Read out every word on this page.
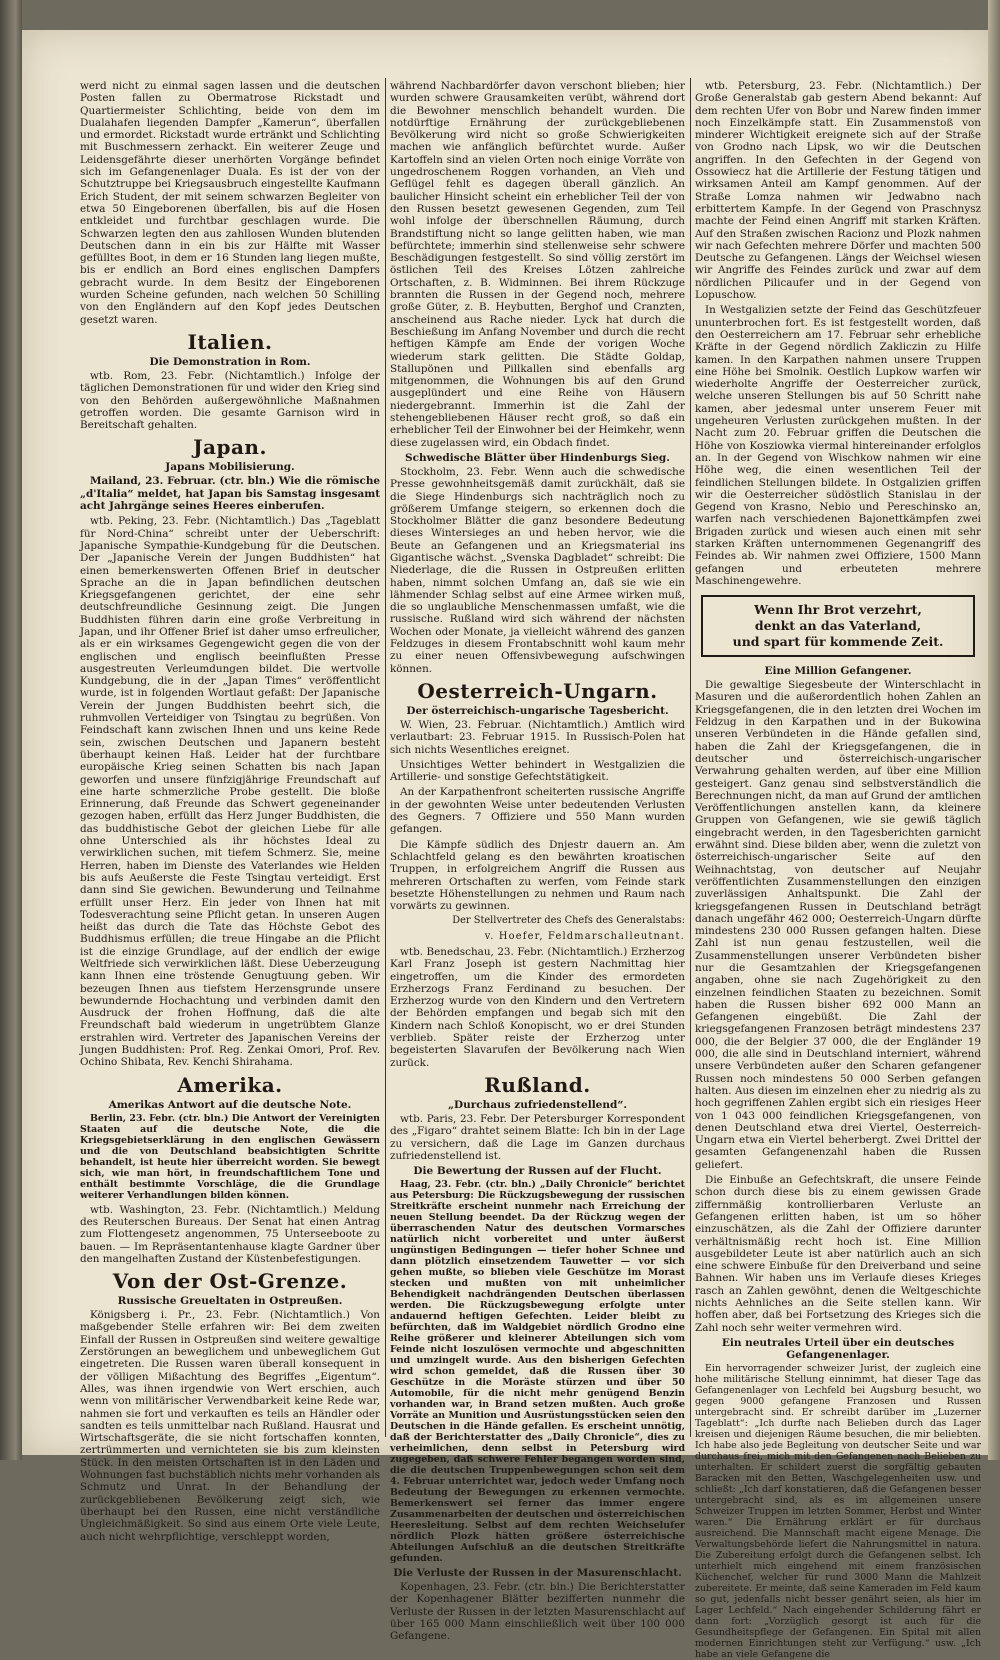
werd nicht zu einmal sagen lassen und die deutschen Posten fallen zu Obermatrose Rickstadt und Quartiermeister Schlichting, beide von dem im Dualahafen liegenden Dampfer „Kamerun“, überfallen und ermordet. Rickstadt wurde ertränkt und Schlichting mit Buschmessern zerhackt. Ein weiterer Zeuge und Leidensgefährte dieser unerhörten Vorgänge befindet sich im Gefangenenlager Duala. Es ist der von der Schutztruppe bei Kriegsausbruch eingestellte Kaufmann Erich Student, der mit seinem schwarzen Begleiter von etwa 50 Eingeborenen überfallen, bis auf die Hosen entkleidet und furchtbar geschlagen wurde. Die Schwarzen legten den aus zahllosen Wunden blutenden Deutschen dann in ein bis zur Hälfte mit Wasser gefülltes Boot, in dem er 16 Stunden lang liegen mußte, bis er endlich an Bord eines englischen Dampfers gebracht wurde. In dem Besitz der Eingeborenen wurden Scheine gefunden, nach welchen 50 Schilling von den Engländern auf den Kopf jedes Deutschen gesetzt waren.

Italien.
Die Demonstration in Rom.

wtb. Rom, 23. Febr. (Nichtamtlich.) Infolge der täglichen Demonstrationen für und wider den Krieg sind von den Behörden außergewöhnliche Maßnahmen getroffen worden. Die gesamte Garnison wird in Bereitschaft gehalten.

Japan.
Japans Mobilisierung.

Mailand, 23. Februar. (ctr. bln.) Wie die römische „d'Italia“ meldet, hat Japan bis Samstag insgesamt acht Jahrgänge seines Heeres einberufen.

wtb. Peking, 23. Febr. (Nichtamtlich.) Das „Tageblatt für Nord-China“ schreibt unter der Ueberschrift: Japanische Sympathie-Kundgebung für die Deutschen. Der „Japanische Verein der Jungen Buddhisten“ hat einen bemerkenswerten Offenen Brief in deutscher Sprache an die in Japan befindlichen deutschen Kriegsgefangenen gerichtet, der eine sehr deutschfreundliche Gesinnung zeigt. Die Jungen Buddhisten führen darin eine große Verbreitung in Japan, und ihr Offener Brief ist daher umso erfreulicher, als er ein wirksames Gegengewicht gegen die von der englischen und englisch beeinflußten Presse ausgestreuten Verleumdungen bildet. Die wertvolle Kundgebung, die in der „Japan Times“ veröffentlicht wurde, ist in folgenden Wortlaut gefaßt: Der Japanische Verein der Jungen Buddhisten beehrt sich, die ruhmvollen Verteidiger von Tsingtau zu begrüßen. Von Feindschaft kann zwischen Ihnen und uns keine Rede sein, zwischen Deutschen und Japanern besteht überhaupt keinen Haß. Leider hat der furchtbare europäische Krieg seinen Schatten bis nach Japan geworfen und unsere fünfzigjährige Freundschaft auf eine harte schmerzliche Probe gestellt. Die bloße Erinnerung, daß Freunde das Schwert gegeneinander gezogen haben, erfüllt das Herz Junger Buddhisten, die das buddhistische Gebot der gleichen Liebe für alle ohne Unterschied als ihr höchstes Ideal zu verwirklichen suchen, mit tiefem Schmerz. Sie, meine Herren, haben im Dienste des Vaterlandes wie Helden bis aufs Aeußerste die Feste Tsingtau verteidigt. Erst dann sind Sie gewichen. Bewunderung und Teilnahme erfüllt unser Herz. Ein jeder von Ihnen hat mit Todesverachtung seine Pflicht getan. In unseren Augen heißt das durch die Tate das Höchste Gebot des Buddhismus erfüllen; die treue Hingabe an die Pflicht ist die einzige Grundlage, auf der endlich der ewige Weltfriede sich verwirklichen läßt. Diese Ueberzeugung kann Ihnen eine tröstende Genugtuung geben. Wir bezeugen Ihnen aus tiefstem Herzensgrunde unsere bewundernde Hochachtung und verbinden damit den Ausdruck der frohen Hoffnung, daß die alte Freundschaft bald wiederum in ungetrübtem Glanze erstrahlen wird. Vertreter des Japanischen Vereins der Jungen Buddhisten: Prof. Reg. Zenkai Omori, Prof. Rev. Ochino Shibata, Rev. Kenchi Shirahama.

Amerika.
Amerikas Antwort auf die deutsche Note.

Berlin, 23. Febr. (ctr. bln.) Die Antwort der Vereinigten Staaten auf die deutsche Note, die die Kriegsgebietserklärung in den englischen Gewässern und die von Deutschland beabsichtigten Schritte behandelt, ist heute hier überreicht worden. Sie bewegt sich, wie man hört, in freundschaftlichem Tone und enthält bestimmte Vorschläge, die die Grundlage weiterer Verhandlungen bilden können.

wtb. Washington, 23. Febr. (Nichtamtlich.) Meldung des Reuterschen Bureaus. Der Senat hat einen Antrag zum Flottengesetz angenommen, 75 Unterseeboote zu bauen. — Im Repräsentantenhause klagte Gardner über den mangelhaften Zustand der Küstenbefestigungen.

Von der Ost-Grenze.
Russische Greueltaten in Ostpreußen.

Königsberg i. Pr., 23. Febr. (Nichtamtlich.) Von maßgebender Stelle erfahren wir: Bei dem zweiten Einfall der Russen in Ostpreußen sind weitere gewaltige Zerstörungen an beweglichem und unbeweglichem Gut eingetreten. Die Russen waren überall konsequent in der völligen Mißachtung des Begriffes „Eigentum“. Alles, was ihnen irgendwie von Wert erschien, auch wenn von militärischer Verwendbarkeit keine Rede war, nahmen sie fort und verkauften es teils an Händler oder sandten es teils unmittelbar nach Rußland. Hausrat und Wirtschaftsgeräte, die sie nicht fortschaffen konnten, zertrümmerten und vernichteten sie bis zum kleinsten Stück. In den meisten Ortschaften ist in den Läden und Wohnungen fast buchstäblich nichts mehr vorhanden als Schmutz und Unrat. In der Behandlung der zurückgebliebenen Bevölkerung zeigt sich, wie überhaupt bei den Russen, eine nicht verständliche Ungleichmäßigkeit. So sind aus einem Orte viele Leute, auch nicht wehrpflichtige, verschleppt worden,

während Nachbardörfer davon verschont blieben; hier wurden schwere Grausamkeiten verübt, während dort die Bewohner menschlich behandelt wurden. Die notdürftige Ernährung der zurückgebliebenen Bevölkerung wird nicht so große Schwierigkeiten machen wie anfänglich befürchtet wurde. Außer Kartoffeln sind an vielen Orten noch einige Vorräte von ungedroschenem Roggen vorhanden, an Vieh und Geflügel fehlt es dagegen überall gänzlich. An baulicher Hinsicht scheint ein erheblicher Teil der von den Russen besetzt gewesenen Gegenden, zum Teil wohl infolge der überschnellen Räumung, durch Brandstiftung nicht so lange gelitten haben, wie man befürchtete; immerhin sind stellenweise sehr schwere Beschädigungen festgestellt. So sind völlig zerstört im östlichen Teil des Kreises Lötzen zahlreiche Ortschaften, z. B. Widminnen. Bei ihrem Rückzuge brannten die Russen in der Gegend noch, mehrere große Güter, z. B. Heybutten, Berghof und Cranzten, anscheinend aus Rache nieder. Lyck hat durch die Beschießung im Anfang November und durch die recht heftigen Kämpfe am Ende der vorigen Woche wiederum stark gelitten. Die Städte Goldap, Stallupönen und Pillkallen sind ebenfalls arg mitgenommen, die Wohnungen bis auf den Grund ausgeplündert und eine Reihe von Häusern niedergebrannt. Immerhin ist die Zahl der stehengebliebenen Häuser recht groß, so daß ein erheblicher Teil der Einwohner bei der Heimkehr, wenn diese zugelassen wird, ein Obdach findet.

Schwedische Blätter über Hindenburgs Sieg.

Stockholm, 23. Febr. Wenn auch die schwedische Presse gewohnheitsgemäß damit zurückhält, daß sie die Siege Hindenburgs sich nachträglich noch zu größerem Umfange steigern, so erkennen doch die Stockholmer Blätter die ganz besondere Bedeutung dieses Wintersieges an und heben hervor, wie die Beute an Gefangenen und an Kriegsmaterial ins Gigantische wächst. „Svenska Dagbladet“ schreibt: Die Niederlage, die die Russen in Ostpreußen erlitten haben, nimmt solchen Umfang an, daß sie wie ein lähmender Schlag selbst auf eine Armee wirken muß, die so unglaubliche Menschenmassen umfaßt, wie die russische. Rußland wird sich während der nächsten Wochen oder Monate, ja vielleicht während des ganzen Feldzuges in diesem Frontabschnitt wohl kaum mehr zu einer neuen Offensivbewegung aufschwingen können.

Oesterreich-Ungarn.
Der österreichisch-ungarische Tagesbericht.

W. Wien, 23. Februar. (Nichtamtlich.) Amtlich wird verlautbart: 23. Februar 1915. In Russisch-Polen hat sich nichts Wesentliches ereignet.

Unsichtiges Wetter behindert in Westgalizien die Artillerie- und sonstige Gefechtstätigkeit.

An der Karpathenfront scheiterten russische Angriffe in der gewohnten Weise unter bedeutenden Verlusten des Gegners. 7 Offiziere und 550 Mann wurden gefangen.

Die Kämpfe südlich des Dnjestr dauern an. Am Schlachtfeld gelang es den bewährten kroatischen Truppen, in erfolgreichem Angriff die Russen aus mehreren Ortschaften zu werfen, vom Feinde stark besetzte Höhenstellungen zu nehmen und Raum nach vorwärts zu gewinnen.

Der Stellvertreter des Chefs des Generalstabs:

v. Hoefer, Feldmarschalleutnant.

wtb. Benedschau, 23. Febr. (Nichtamtlich.) Erzherzog Karl Franz Joseph ist gestern Nachmittag hier eingetroffen, um die Kinder des ermordeten Erzherzogs Franz Ferdinand zu besuchen. Der Erzherzog wurde von den Kindern und den Vertretern der Behörden empfangen und begab sich mit den Kindern nach Schloß Konopischt, wo er drei Stunden verblieb. Später reiste der Erzherzog unter begeisterten Slavarufen der Bevölkerung nach Wien zurück.

Rußland.
„Durchaus zufriedenstellend“.

wtb. Paris, 23. Febr. Der Petersburger Korrespondent des „Figaro“ drahtet seinem Blatte: Ich bin in der Lage zu versichern, daß die Lage im Ganzen durchaus zufriedenstellend ist.

Die Bewertung der Russen auf der Flucht.

Haag, 23. Febr. (ctr. bln.) „Daily Chronicle“ berichtet aus Petersburg: Die Rückzugsbewegung der russischen Streitkräfte erscheint nunmehr nach Erreichung der neuen Stellung beendet. Da der Rückzug wegen der überraschenden Natur des deutschen Vormarsches natürlich nicht vorbereitet und unter äußerst ungünstigen Bedingungen — tiefer hoher Schnee und dann plötzlich einsetzendem Tauwetter — vor sich gehen mußte, so blieben viele Geschütze im Morast stecken und mußten von mit unheimlicher Behendigkeit nachdrängenden Deutschen überlassen werden. Die Rückzugsbewegung erfolgte unter andauernd heftigen Gefechten. Leider bleibt zu befürchten, daß im Waldgebiet nördlich Grodno eine Reihe größerer und kleinerer Abteilungen sich vom Feinde nicht loszulösen vermochte und abgeschnitten und umzingelt wurde. Aus den bisherigen Gefechten wird schon gemeldet, daß die Russen über 30 Geschütze in die Moräste stürzen und über 50 Automobile, für die nicht mehr genügend Benzin vorhanden war, in Brand setzen mußten. Auch große Vorräte an Munition und Ausrüstungsstücken seien den Deutschen in die Hände gefallen. Es erscheint unnötig, daß der Berichterstatter des „Daily Chronicle“, dies zu verheimlichen, denn selbst in Petersburg wird zugegeben, daß schwere Fehler begangen worden sind, die die deutschen Truppenbewegungen schon seit dem 4. Februar unterrichtet war, jedoch weder Umfang noch Bedeutung der Bewegungen zu erkennen vermochte. Bemerkenswert sei ferner das immer engere Zusammenarbeiten der deutschen und österreichischen Heeresleitung. Selbst auf dem rechten Weichselufer nördlich Plozk hätten größere österreichische Abteilungen Aufschluß an die deutschen Streitkräfte gefunden.

Die Verluste der Russen in der Masurenschlacht.

Kopenhagen, 23. Febr. (ctr. bln.) Die Berichterstatter der Kopenhagener Blätter bezifferten nunmehr die Verluste der Russen in der letzten Masurenschlacht auf über 165 000 Mann einschließlich weit über 100 000 Gefangene.

wtb. Petersburg, 23. Febr. (Nichtamtlich.) Der Große Generalstab gab gestern Abend bekannt: Auf dem rechten Ufer von Bobr und Narew finden immer noch Einzelkämpfe statt. Ein Zusammenstoß von minderer Wichtigkeit ereignete sich auf der Straße von Grodno nach Lipsk, wo wir die Deutschen angriffen. In den Gefechten in der Gegend von Ossowiecz hat die Artillerie der Festung tätigen und wirksamen Anteil am Kampf genommen. Auf der Straße Lomza nahmen wir Jedwabno nach erbittertem Kampfe. In der Gegend von Praschnysz machte der Feind einen Angriff mit starken Kräften. Auf den Straßen zwischen Racionz und Plozk nahmen wir nach Gefechten mehrere Dörfer und machten 500 Deutsche zu Gefangenen. Längs der Weichsel wiesen wir Angriffe des Feindes zurück und zwar auf dem nördlichen Pilicaufer und in der Gegend von Lopuschow.

In Westgalizien setzte der Feind das Geschützfeuer ununterbrochen fort. Es ist festgestellt worden, daß den Oesterreichern am 17. Februar sehr erhebliche Kräfte in der Gegend nördlich Zakliczin zu Hilfe kamen. In den Karpathen nahmen unsere Truppen eine Höhe bei Smolnik. Oestlich Lupkow warfen wir wiederholte Angriffe der Oesterreicher zurück, welche unseren Stellungen bis auf 50 Schritt nahe kamen, aber jedesmal unter unserem Feuer mit ungeheuren Verlusten zurückgehen mußten. In der Nacht zum 20. Februar griffen die Deutschen die Höhe von Kosziowka viermal hintereinander erfolglos an. In der Gegend von Wischkow nahmen wir eine Höhe weg, die einen wesentlichen Teil der feindlichen Stellungen bildete. In Ostgalizien griffen wir die Oesterreicher südöstlich Stanislau in der Gegend von Krasno, Nebio und Pereschinsko an, warfen nach verschiedenen Bajonettkämpfen zwei Brigaden zurück und wiesen auch einen mit sehr starken Kräften unternommenen Gegenangriff des Feindes ab. Wir nahmen zwei Offiziere, 1500 Mann gefangen und erbeuteten mehrere Maschinengewehre.

Wenn Ihr Brot verzehrt,
denkt an das Vaterland,
und spart für kommende Zeit.
Eine Million Gefangener.

Die gewaltige Siegesbeute der Winterschlacht in Masuren und die außerordentlich hohen Zahlen an Kriegsgefangenen, die in den letzten drei Wochen im Feldzug in den Karpathen und in der Bukowina unseren Verbündeten in die Hände gefallen sind, haben die Zahl der Kriegsgefangenen, die in deutscher und österreichisch-ungarischer Verwahrung gehalten werden, auf über eine Million gesteigert. Ganz genau sind selbstverständlich die Berechnungen nicht, da man auf Grund der amtlichen Veröffentlichungen anstellen kann, da kleinere Gruppen von Gefangenen, wie sie gewiß täglich eingebracht werden, in den Tagesberichten garnicht erwähnt sind. Diese bilden aber, wenn die zuletzt von österreichisch-ungarischer Seite auf den Weihnachtstag, von deutscher auf Neujahr veröffentlichten Zusammenstellungen den einzigen zuverlässigen Anhaltspunkt. Die Zahl der kriegsgefangenen Russen in Deutschland beträgt danach ungefähr 462 000; Oesterreich-Ungarn dürfte mindestens 230 000 Russen gefangen halten. Diese Zahl ist nun genau festzustellen, weil die Zusammenstellungen unserer Verbündeten bisher nur die Gesamtzahlen der Kriegsgefangenen angaben, ohne sie nach Zugehörigkeit zu den einzelnen feindlichen Staaten zu bezeichnen. Somit haben die Russen bisher 692 000 Mann an Gefangenen eingebüßt. Die Zahl der kriegsgefangenen Franzosen beträgt mindestens 237 000, die der Belgier 37 000, die der Engländer 19 000, die alle sind in Deutschland interniert, während unsere Verbündeten außer den Scharen gefangener Russen noch mindestens 50 000 Serben gefangen halten. Aus diesen im einzelnen eher zu niedrig als zu hoch gegriffenen Zahlen ergibt sich ein riesiges Heer von 1 043 000 feindlichen Kriegsgefangenen, von denen Deutschland etwa drei Viertel, Oesterreich-Ungarn etwa ein Viertel beherbergt. Zwei Drittel der gesamten Gefangenenzahl haben die Russen geliefert.

Die Einbuße an Gefechtskraft, die unsere Feinde schon durch diese bis zu einem gewissen Grade ziffernmäßig kontrollierbaren Verluste an Gefangenen erlitten haben, ist um so höher einzuschätzen, als die Zahl der Offiziere darunter verhältnismäßig recht hoch ist. Eine Million ausgebildeter Leute ist aber natürlich auch an sich eine schwere Einbuße für den Dreiverband und seine Bahnen. Wir haben uns im Verlaufe dieses Krieges rasch an Zahlen gewöhnt, denen die Weltgeschichte nichts Aehnliches an die Seite stellen kann. Wir hoffen aber, daß bei Fortsetzung des Krieges sich die Zahl noch sehr weiter vermehren wird.

Ein neutrales Urteil über ein deutsches Gefangenenlager.

Ein hervorragender schweizer Jurist, der zugleich eine hohe militärische Stellung einnimmt, hat dieser Tage das Gefangenenlager von Lechfeld bei Augsburg besucht, wo gegen 9000 gefangene Franzosen und Russen untergebracht sind. Er schreibt darüber im „Luzerner Tageblatt“: „Ich durfte nach Belieben durch das Lager kreisen und diejenigen Räume besuchen, die mir beliebten. Ich habe also jede Begleitung von deutscher Seite und war durchaus frei, mich mit den Gefangenen nach Belieben zu unterhalten. Er schildert zuerst die sorgfältig gebauten Baracken mit den Betten, Waschgelegenheiten usw. und schließt: „Ich darf konstatieren, daß die Gefangenen besser untergebracht sind, als es im allgemeinen unsere Schweizer Truppen im letzten Sommer, Herbst und Winter waren.“ Die Ernährung erklärt er für durchaus ausreichend. Die Mannschaft macht eigene Menage. Die Verwaltungsbehörde liefert die Nahrungsmittel in natura. Die Zubereitung erfolgt durch die Gefangenen selbst. Ich unterhielt mich eingehend mit einem französischen Küchenchef, welcher für rund 3000 Mann die Mahlzeit zubereitete. Er meinte, daß seine Kameraden im Feld kaum so gut, jedenfalls nicht besser genährt seien, als hier im Lager Lechfeld.“ Nach eingehender Schilderung fährt er dann fort: „Vorzüglich gesorgt ist auch für die Gesundheitspflege der Gefangenen. Ein Spital mit allen modernen Einrichtungen steht zur Verfügung.“ usw. „Ich habe an viele Gefangene die
